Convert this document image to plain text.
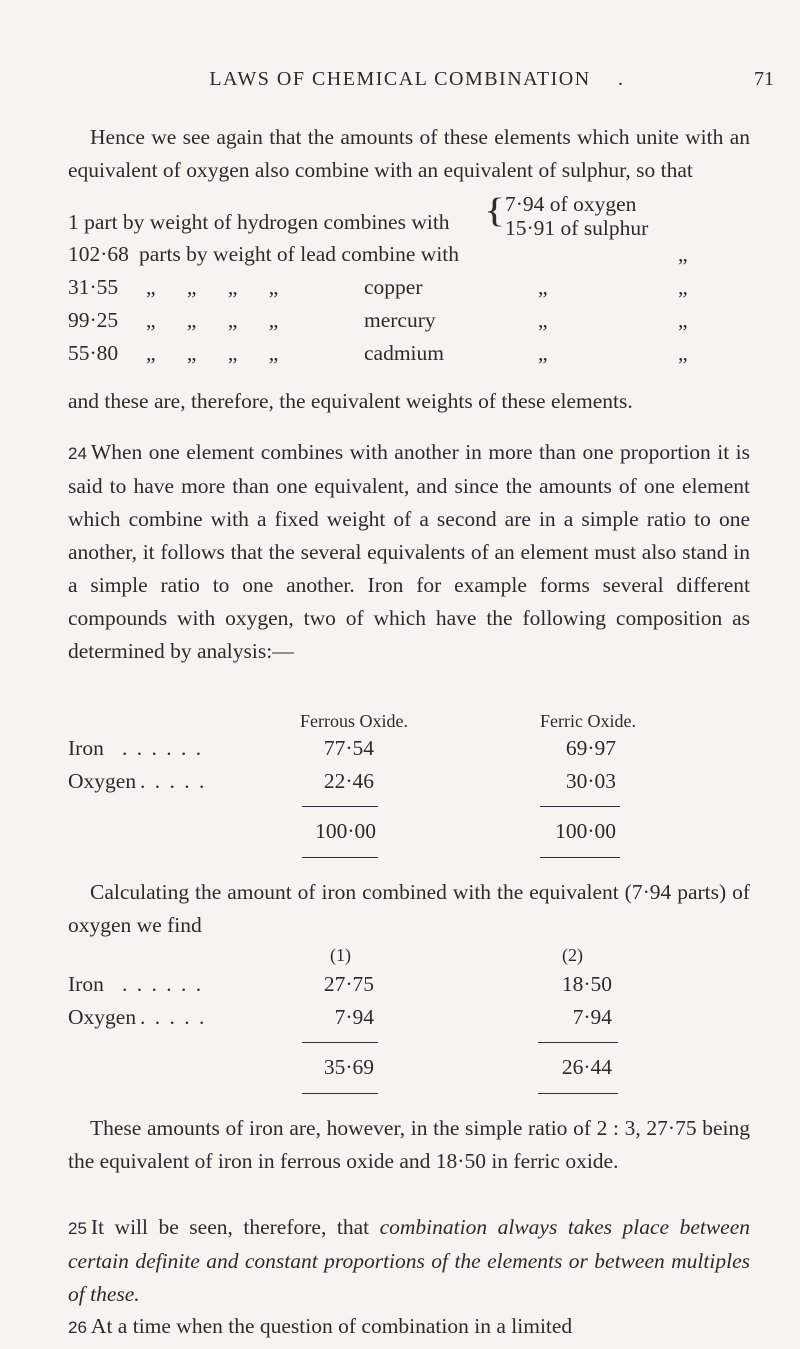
LAWS OF CHEMICAL COMBINATION	.	71

Hence we see again that the amounts of these elements which unite with an equivalent of oxygen also combine with an equivalent of sulphur, so that

1 part by weight of hydrogen combines with { 7·94 of oxygen
15·91 of sulphur
102·68 parts by weight of lead combine with	„
31·55 „ „ „ „	copper	„	„
99·25 „ „ „ „	mercury	„	„
55·80 „ „ „ „	cadmium	„	„

and these are, therefore, the equivalent weights of these elements.

24 When one element combines with another in more than one proportion it is said to have more than one equivalent, and since the amounts of one element which combine with a fixed weight of a second are in a simple ratio to one another, it follows that the several equivalents of an element must also stand in a simple ratio to one another. Iron for example forms several different compounds with oxygen, two of which have the following composition as determined by analysis:—

Ferrous Oxide.	Ferric Oxide.
Iron . . . . . .	77·54	69·97
Oxygen . . . . .	22·46	30·03
100·00	100·00

Calculating the amount of iron combined with the equivalent (7·94 parts) of oxygen we find

(1)	(2)
Iron . . . . . .	27·75	18·50
Oxygen . . . . .	7·94	7·94
35·69	26·44

These amounts of iron are, however, in the simple ratio of 2 : 3, 27·75 being the equivalent of iron in ferrous oxide and 18·50 in ferric oxide.

25 It will be seen, therefore, that combination always takes place between certain definite and constant proportions of the elements or between multiples of these.

26 At a time when the question of combination in a limited
